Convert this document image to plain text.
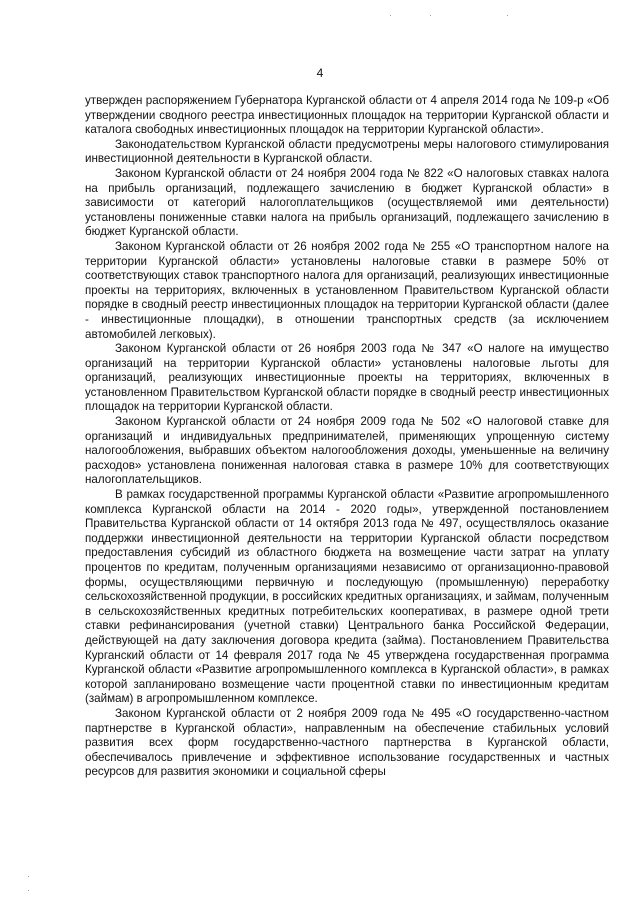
4

утвержден распоряжением Губернатора Курганской области от 4 апреля 2014 года № 109-р «Об утверждении сводного реестра инвестиционных площадок на территории Курганской области и каталога свободных инвестиционных площадок на территории Курганской области».

Законодательством Курганской области предусмотрены меры налогового стимулирования инвестиционной деятельности в Курганской области.

Законом Курганской области от 24 ноября 2004 года № 822 «О налоговых ставках налога на прибыль организаций, подлежащего зачислению в бюджет Курганской области» в зависимости от категорий налогоплательщиков (осуществляемой ими деятельности) установлены пониженные ставки налога на прибыль организаций, подлежащего зачислению в бюджет Курганской области.

Законом Курганской области от 26 ноября 2002 года № 255 «О транспортном налоге на территории Курганской области» установлены налоговые ставки в размере 50% от соответствующих ставок транспортного налога для организаций, реализующих инвестиционные проекты на территориях, включенных в установленном Правительством Курганской области порядке в сводный реестр инвестиционных площадок на территории Курганской области (далее - инвестиционные площадки), в отношении транспортных средств (за исключением автомобилей легковых).

Законом Курганской области от 26 ноября 2003 года № 347 «О налоге на имущество организаций на территории Курганской области» установлены налоговые льготы для организаций, реализующих инвестиционные проекты на территориях, включенных в установленном Правительством Курганской области порядке в сводный реестр инвестиционных площадок на территории Курганской области.

Законом Курганской области от 24 ноября 2009 года № 502 «О налоговой ставке для организаций и индивидуальных предпринимателей, применяющих упрощенную систему налогообложения, выбравших объектом налогообложения доходы, уменьшенные на величину расходов» установлена пониженная налоговая ставка в размере 10% для соответствующих налогоплательщиков.

В рамках государственной программы Курганской области «Развитие агропромышленного комплекса Курганской области на 2014 - 2020 годы», утвержденной постановлением Правительства Курганской области от 14 октября 2013 года № 497, осуществлялось оказание поддержки инвестиционной деятельности на территории Курганской области посредством предоставления субсидий из областного бюджета на возмещение части затрат на уплату процентов по кредитам, полученным организациями независимо от организационно-правовой формы, осуществляющими первичную и последующую (промышленную) переработку сельскохозяйственной продукции, в российских кредитных организациях, и займам, полученным в сельскохозяйственных кредитных потребительских кооперативах, в размере одной трети ставки рефинансирования (учетной ставки) Центрального банка Российской Федерации, действующей на дату заключения договора кредита (займа). Постановлением Правительства Курганский области от 14 февраля 2017 года № 45 утверждена государственная программа Курганской области «Развитие агропромышленного комплекса в Курганской области», в рамках которой запланировано возмещение части процентной ставки по инвестиционным кредитам (займам) в агропромышленном комплексе.

Законом Курганской области от 2 ноября 2009 года № 495 «О государственно-частном партнерстве в Курганской области», направленным на обеспечение стабильных условий развития всех форм государственно-частного партнерства в Курганской области, обеспечивалось привлечение и эффективное использование государственных и частных ресурсов для развития экономики и социальной сферы
